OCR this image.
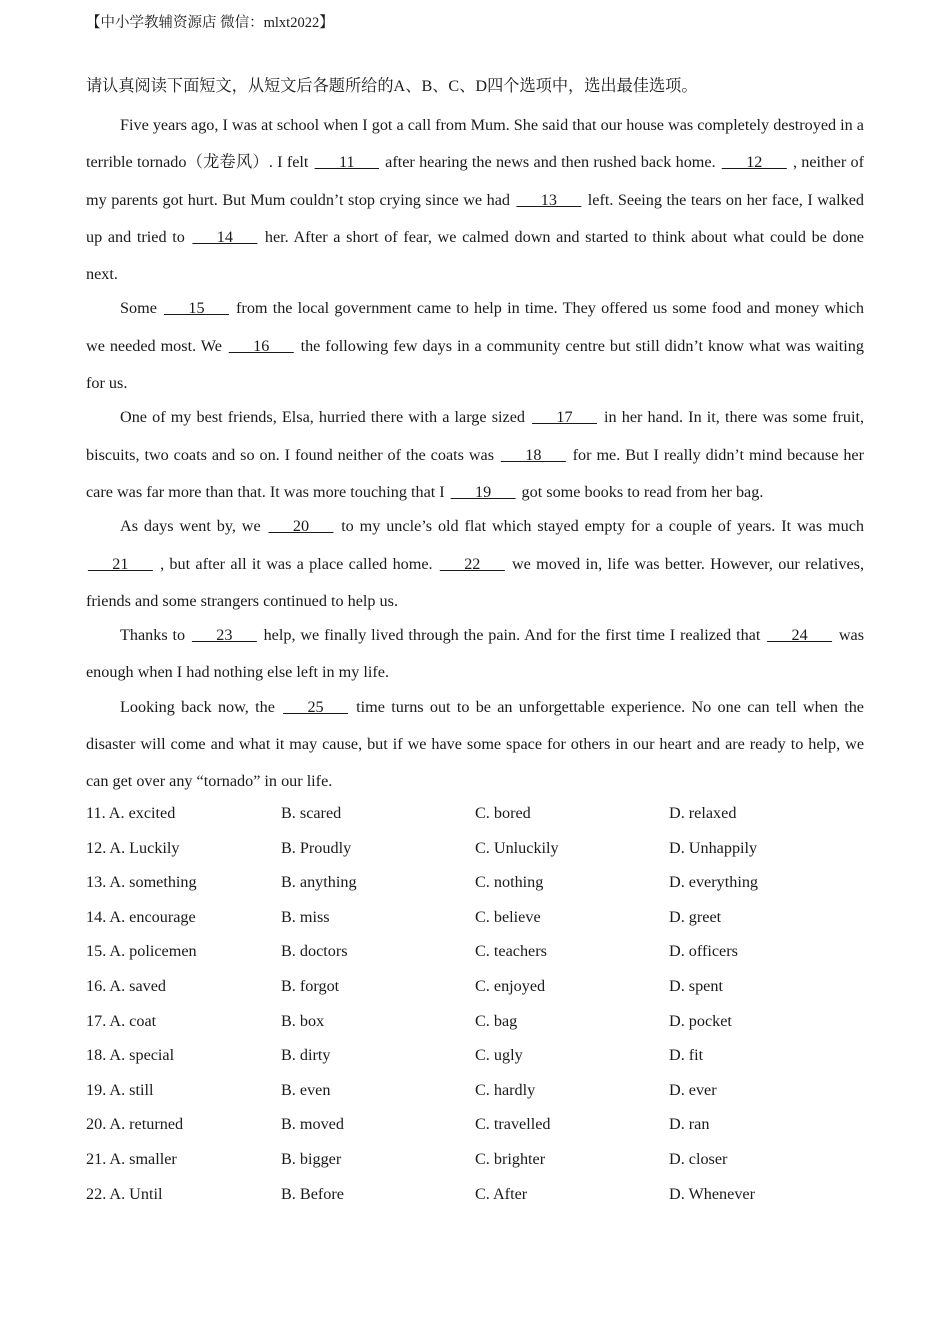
【中小学教辅资源店 微信：mlxt2022】
请认真阅读下面短文，从短文后各题所给的A、B、C、D四个选项中，选出最佳选项。

Five years ago, I was at school when I got a call from Mum. She said that our house was completely destroyed in a terrible tornado（龙卷风）. I felt ___11___ after hearing the news and then rushed back home. ___12___ , neither of my parents got hurt. But Mum couldn’t stop crying since we had ___13___ left. Seeing the tears on her face, I walked up and tried to ___14___ her. After a short of fear, we calmed down and started to think about what could be done next.

Some ___15___ from the local government came to help in time. They offered us some food and money which we needed most. We ___16___ the following few days in a community centre but still didn’t know what was waiting for us.

One of my best friends, Elsa, hurried there with a large sized ___17___ in her hand. In it, there was some fruit, biscuits, two coats and so on. I found neither of the coats was ___18___ for me. But I really didn’t mind because her care was far more than that. It was more touching that I ___19___ got some books to read from her bag.

As days went by, we ___20___ to my uncle’s old flat which stayed empty for a couple of years. It was much ___21___ , but after all it was a place called home. ___22___ we moved in, life was better. However, our relatives, friends and some strangers continued to help us.

Thanks to ___23___ help, we finally lived through the pain. And for the first time I realized that ___24___ was enough when I had nothing else left in my life.

Looking back now, the ___25___ time turns out to be an unforgettable experience. No one can tell when the disaster will come and what it may cause, but if we have some space for others in our heart and are ready to help, we can get over any “tornado” in our life.

11. A. excited	B. scared	C. bored	D. relaxed
12. A. Luckily	B. Proudly	C. Unluckily	D. Unhappily
13. A. something	B. anything	C. nothing	D. everything
14. A. encourage	B. miss	C. believe	D. greet
15. A. policemen	B. doctors	C. teachers	D. officers
16. A. saved	B. forgot	C. enjoyed	D. spent
17. A. coat	B. box	C. bag	D. pocket
18. A. special	B. dirty	C. ugly	D. fit
19. A. still	B. even	C. hardly	D. ever
20. A. returned	B. moved	C. travelled	D. ran
21. A. smaller	B. bigger	C. brighter	D. closer
22. A. Until	B. Before	C. After	D. Whenever
